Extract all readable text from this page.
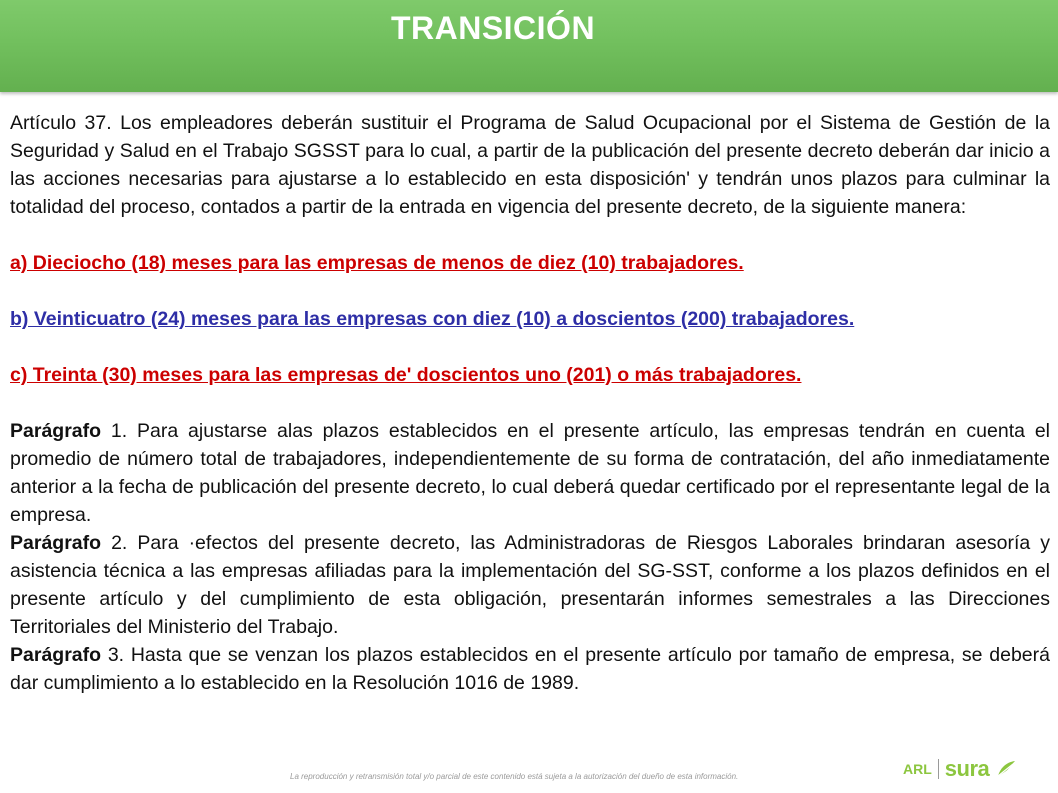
TRANSICIÓN

Artículo 37. Los empleadores deberán sustituir el Programa de Salud Ocupacional por el Sistema de Gestión de la Seguridad y Salud en el Trabajo SGSST para lo cual, a partir de la publicación del presente decreto deberán dar inicio a las acciones necesarias para ajustarse a lo establecido en esta disposición' y tendrán unos plazos para culminar la totalidad del proceso, contados a partir de la entrada en vigencia del presente decreto, de la siguiente manera:

a) Dieciocho (18) meses para las empresas de menos de diez (10) trabajadores.

b) Veinticuatro (24) meses para las empresas con diez (10) a doscientos (200) trabajadores.

c) Treinta (30) meses para las empresas de' doscientos uno (201) o más trabajadores.

Parágrafo 1. Para ajustarse alas plazos establecidos en el presente artículo, las empresas tendrán en cuenta el promedio de número total de trabajadores, independientemente de su forma de contratación, del año inmediatamente anterior a la fecha de publicación del presente decreto, lo cual deberá quedar certificado por el representante legal de la empresa.

Parágrafo 2. Para ·efectos del presente decreto, las Administradoras de Riesgos Laborales brindaran asesoría y asistencia técnica a las empresas afiliadas para la implementación del SG-SST, conforme a los plazos definidos en el presente artículo y del cumplimiento de esta obligación, presentarán informes semestrales a las Direcciones Territoriales del Ministerio del Trabajo.

Parágrafo 3. Hasta que se venzan los plazos establecidos en el presente artículo por tamaño de empresa, se deberá dar cumplimiento a lo establecido en la Resolución 1016 de 1989.

La reproducción y retransmisión total y/o parcial de este contenido está sujeta a la autorización del dueño de esta información.	ARL sura
